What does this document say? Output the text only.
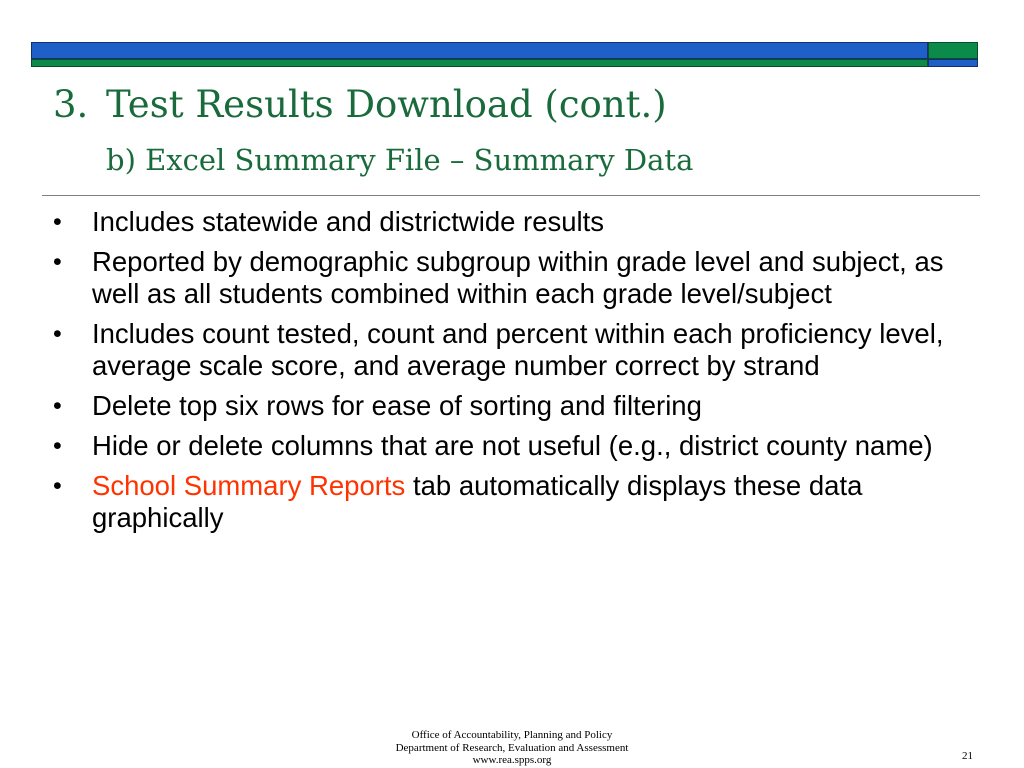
3. Test Results Download (cont.)
b) Excel Summary File – Summary Data
• Includes statewide and districtwide results
• Reported by demographic subgroup within grade level and subject, as well as all students combined within each grade level/subject
• Includes count tested, count and percent within each proficiency level, average scale score, and average number correct by strand
• Delete top six rows for ease of sorting and filtering
• Hide or delete columns that are not useful (e.g., district county name)
• School Summary Reports tab automatically displays these data graphically
Office of Accountability, Planning and Policy
Department of Research, Evaluation and Assessment
www.rea.spps.org	21
